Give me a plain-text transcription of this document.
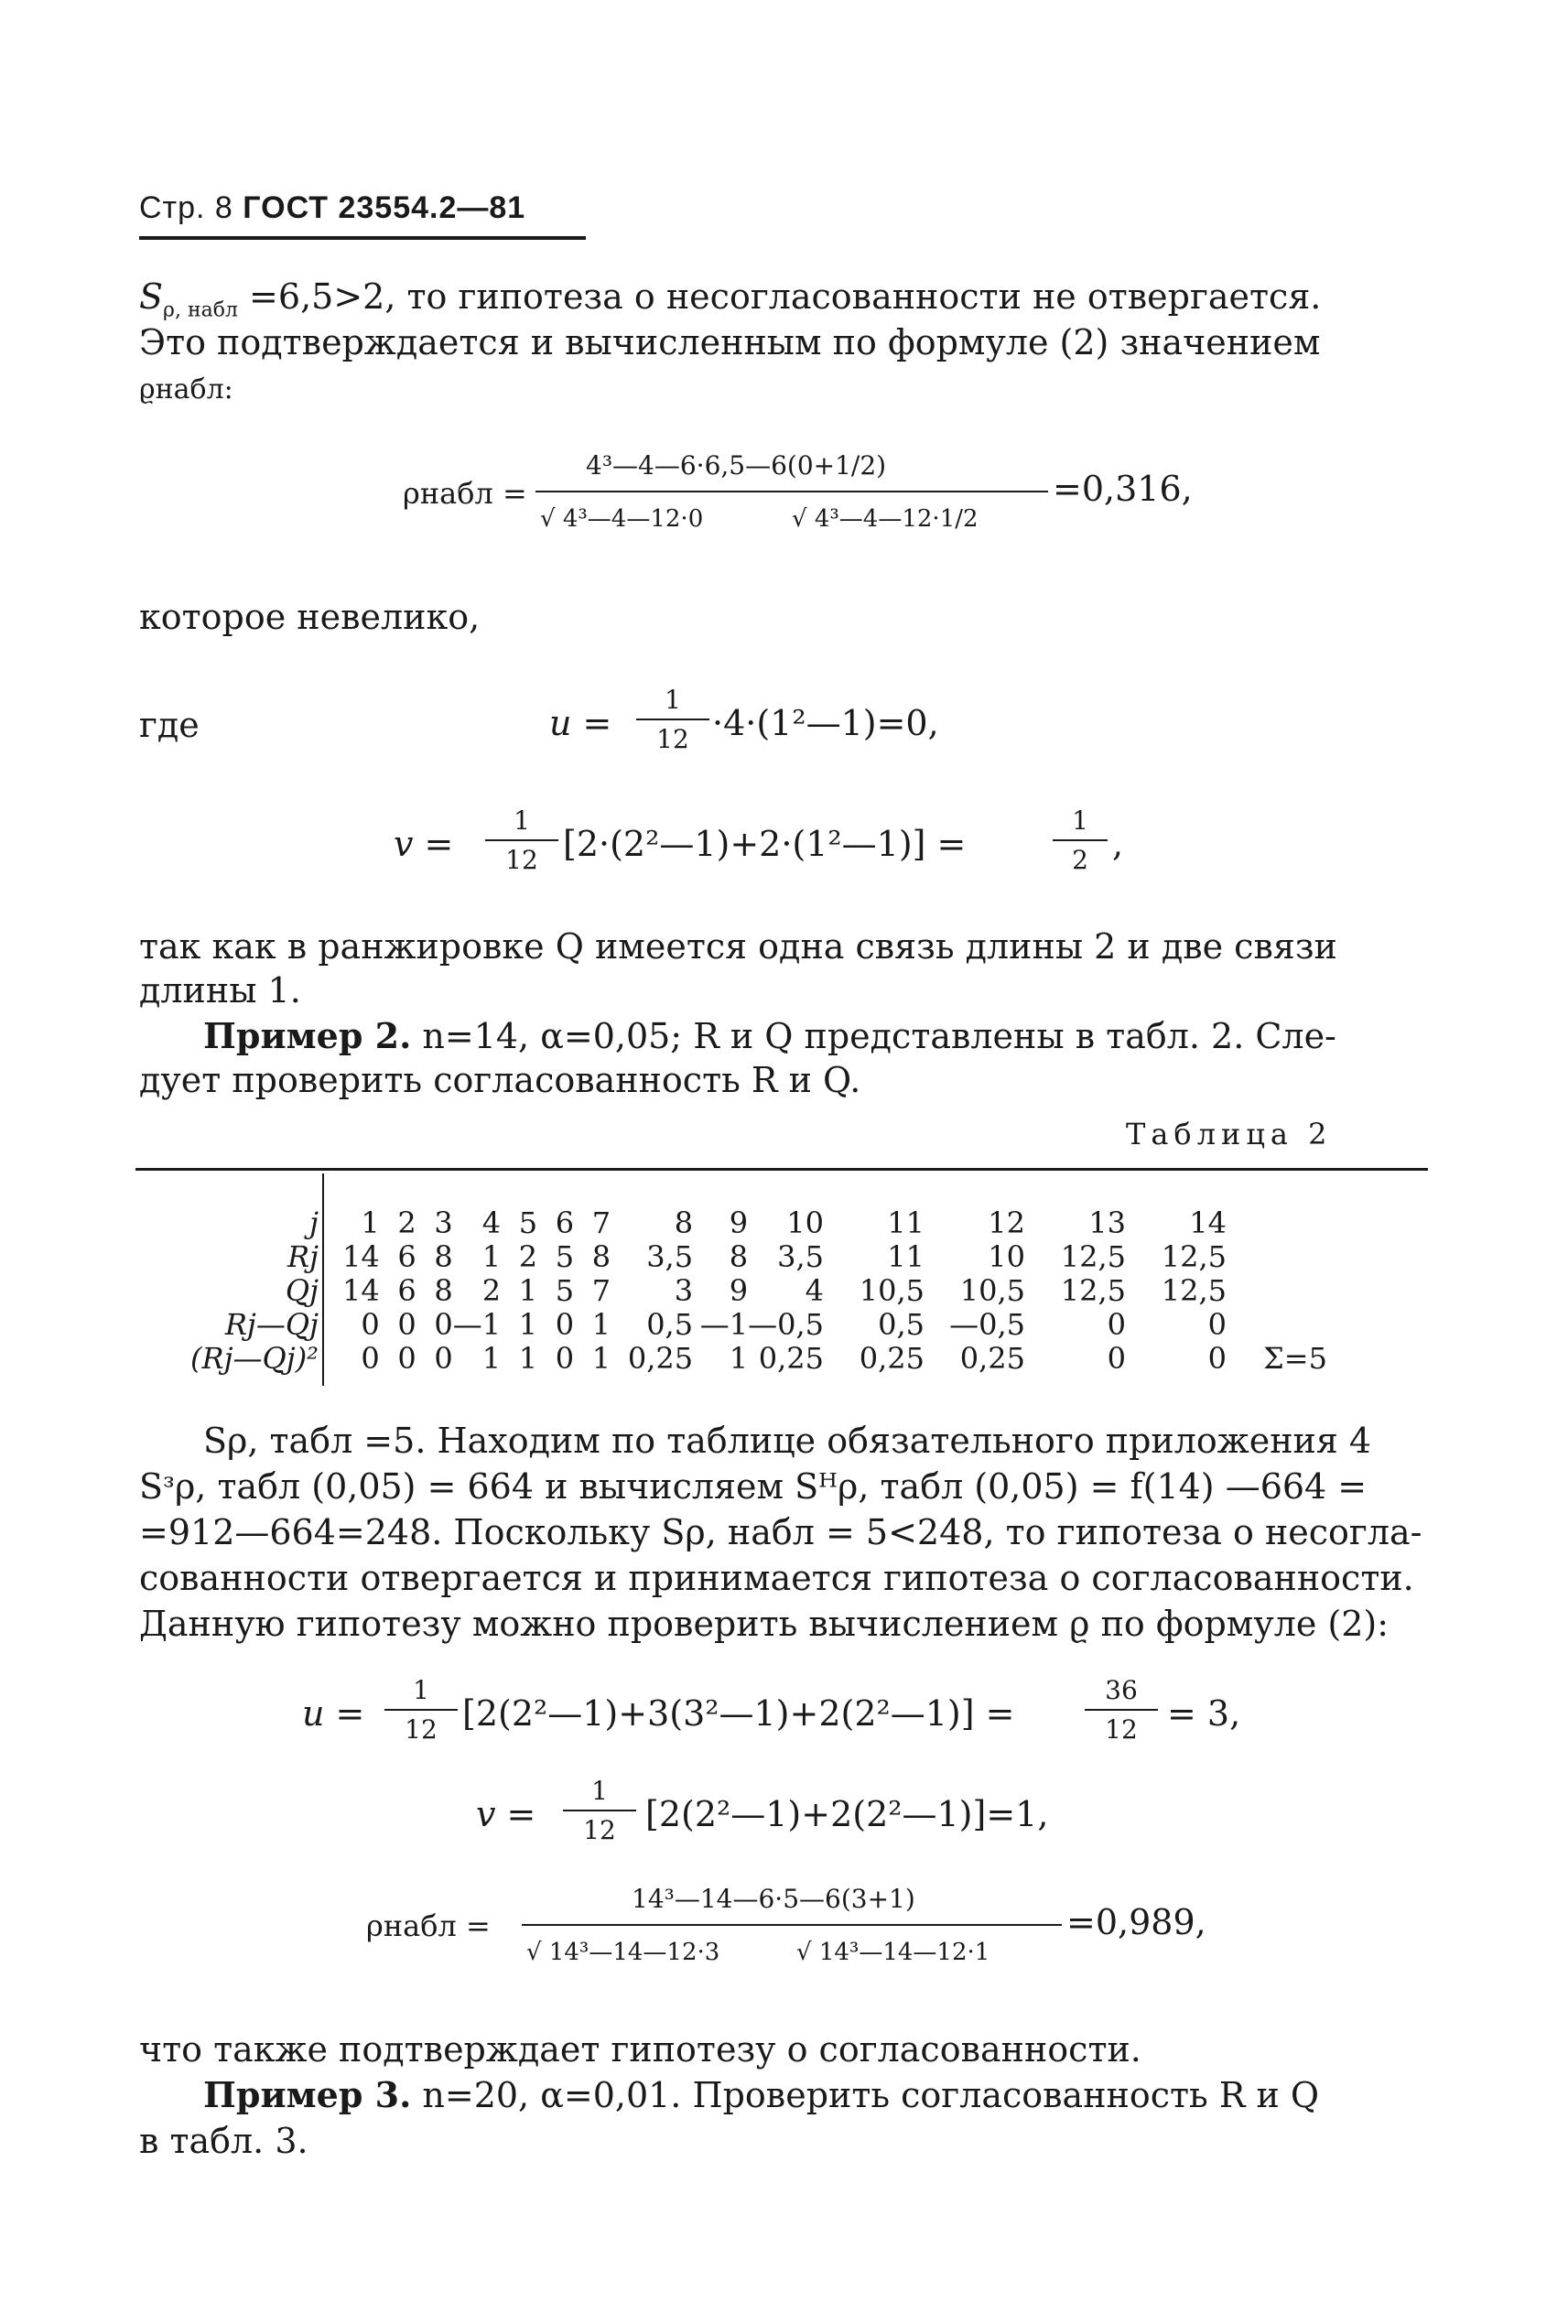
Стр. 8 ГОСТ 23554.2—81
$S_{\rho, набл} =6,5>2$, то гипотеза о несогласованности не отвергается.
Это подтверждается и вычисленным по формуле (2) значением
ϱнабл:
ρнабл =
4³—4—6·6,5—6(0+1/2)
√ 4³—4—12·0	√ 4³—4—12·1/2
=0,316,
которое невелико,
где	u =
1
12 ·4·(1²—1)=0,
v =
1
12 [2·(2²—1)+2·(1²—1)] =
1
2 ,
так как в ранжировке Q имеется одна связь длины 2 и две связи
длины 1.
Пример 2. n=14, α=0,05; R и Q представлены в табл. 2. Сле-
дует проверить согласованность R и Q.
Таблица 2
j	1	2	3	4	5	6	7	8	9	10	11	12	13	14	
Rj	14	6	8	1	2	5	8	3,5	8	3,5	11	10	12,5	12,5	
Qj	14	6	8	2	1	5	7	3	9	4	10,5	10,5	12,5	12,5	
Rj—Qj	0	0	0	—1	1	0	1	0,5	—1	—0,5	0,5	—0,5	0	0	
(Rj—Qj)²	0	0	0	1	1	0	1	0,25	1	0,25	0,25	0,25	0	0	Σ=5
Sρ, табл =5. Находим по таблице обязательного приложения 4
Sᶟρ, табл (0,05) = 664 и вычисляем Sᴴρ, табл (0,05) = f(14) —664 =
=912—664=248. Поскольку Sρ, набл = 5<248, то гипотеза о несогла-
сованности отвергается и принимается гипотеза о согласованности.
Данную гипотезу можно проверить вычислением ϱ по формуле (2):
u =
1
12 [2(2²—1)+3(3²—1)+2(2²—1)] =
36
12 = 3,
v =
1
12 [2(2²—1)+2(2²—1)]=1,
ρнабл =
14³—14—6·5—6(3+1)
√ 14³—14—12·3	√ 14³—14—12·1
=0,989,
что также подтверждает гипотезу о согласованности.
Пример 3. n=20, α=0,01. Проверить согласованность R и Q
в табл. 3.
